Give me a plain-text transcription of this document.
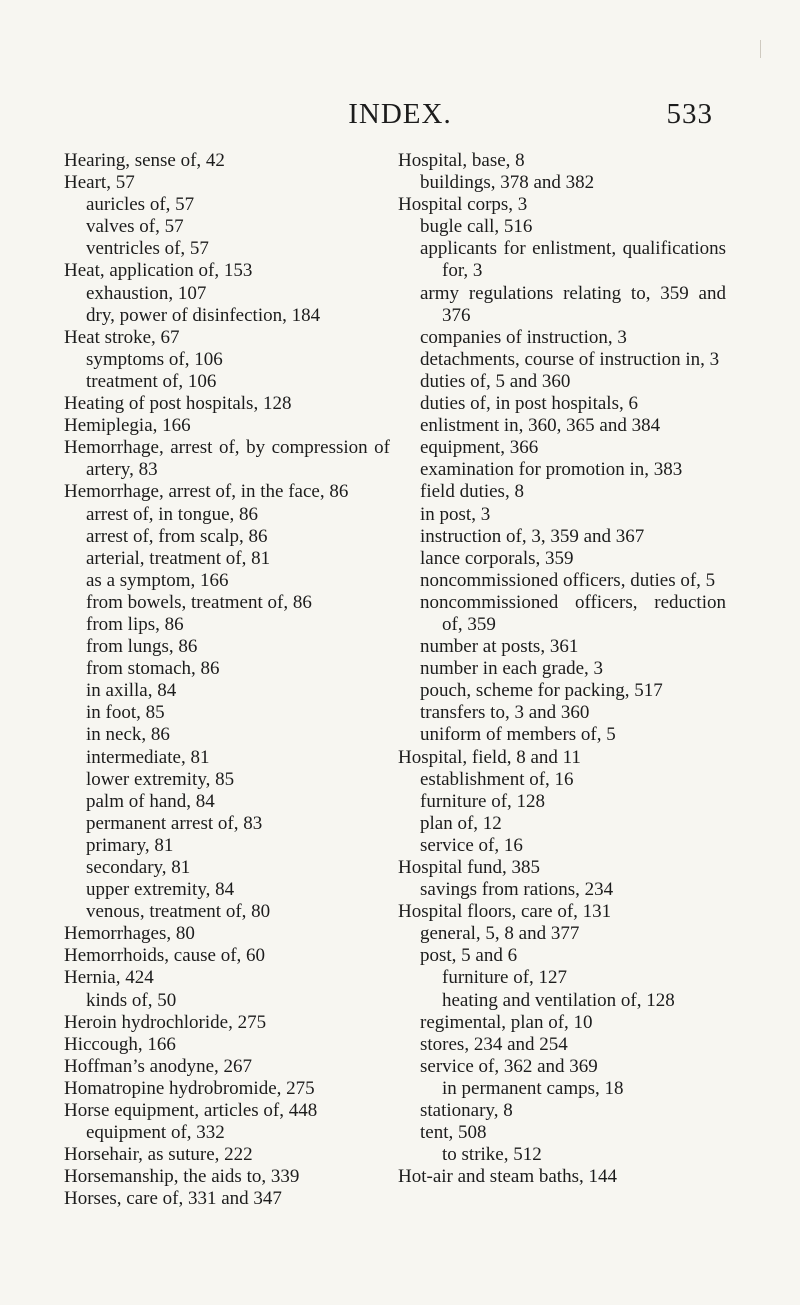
INDEX.	533
Hearing, sense of, 42
Heart, 57
auricles of, 57
valves of, 57
ventricles of, 57
Heat, application of, 153
exhaustion, 107
dry, power of disinfection, 184
Heat stroke, 67
symptoms of, 106
treatment of, 106
Heating of post hospitals, 128
Hemiplegia, 166
Hemorrhage, arrest of, by compression of artery, 83
Hemorrhage, arrest of, in the face, 86
arrest of, in tongue, 86
arrest of, from scalp, 86
arterial, treatment of, 81
as a symptom, 166
from bowels, treatment of, 86
from lips, 86
from lungs, 86
from stomach, 86
in axilla, 84
in foot, 85
in neck, 86
intermediate, 81
lower extremity, 85
palm of hand, 84
permanent arrest of, 83
primary, 81
secondary, 81
upper extremity, 84
venous, treatment of, 80
Hemorrhages, 80
Hemorrhoids, cause of, 60
Hernia, 424
kinds of, 50
Heroin hydrochloride, 275
Hiccough, 166
Hoffman’s anodyne, 267
Homatropine hydrobromide, 275
Horse equipment, articles of, 448
equipment of, 332
Horsehair, as suture, 222
Horsemanship, the aids to, 339
Horses, care of, 331 and 347
Hospital, base, 8
buildings, 378 and 382
Hospital corps, 3
bugle call, 516
applicants for enlistment, qualifications for, 3
army regulations relating to, 359 and 376
companies of instruction, 3
detachments, course of instruction in, 3
duties of, 5 and 360
duties of, in post hospitals, 6
enlistment in, 360, 365 and 384
equipment, 366
examination for promotion in, 383
field duties, 8
in post, 3
instruction of, 3, 359 and 367
lance corporals, 359
noncommissioned officers, duties of, 5
noncommissioned officers, reduction of, 359
number at posts, 361
number in each grade, 3
pouch, scheme for packing, 517
transfers to, 3 and 360
uniform of members of, 5
Hospital, field, 8 and 11
establishment of, 16
furniture of, 128
plan of, 12
service of, 16
Hospital fund, 385
savings from rations, 234
Hospital floors, care of, 131
general, 5, 8 and 377
post, 5 and 6
furniture of, 127
heating and ventilation of, 128
regimental, plan of, 10
stores, 234 and 254
service of, 362 and 369
in permanent camps, 18
stationary, 8
tent, 508
to strike, 512
Hot-air and steam baths, 144
